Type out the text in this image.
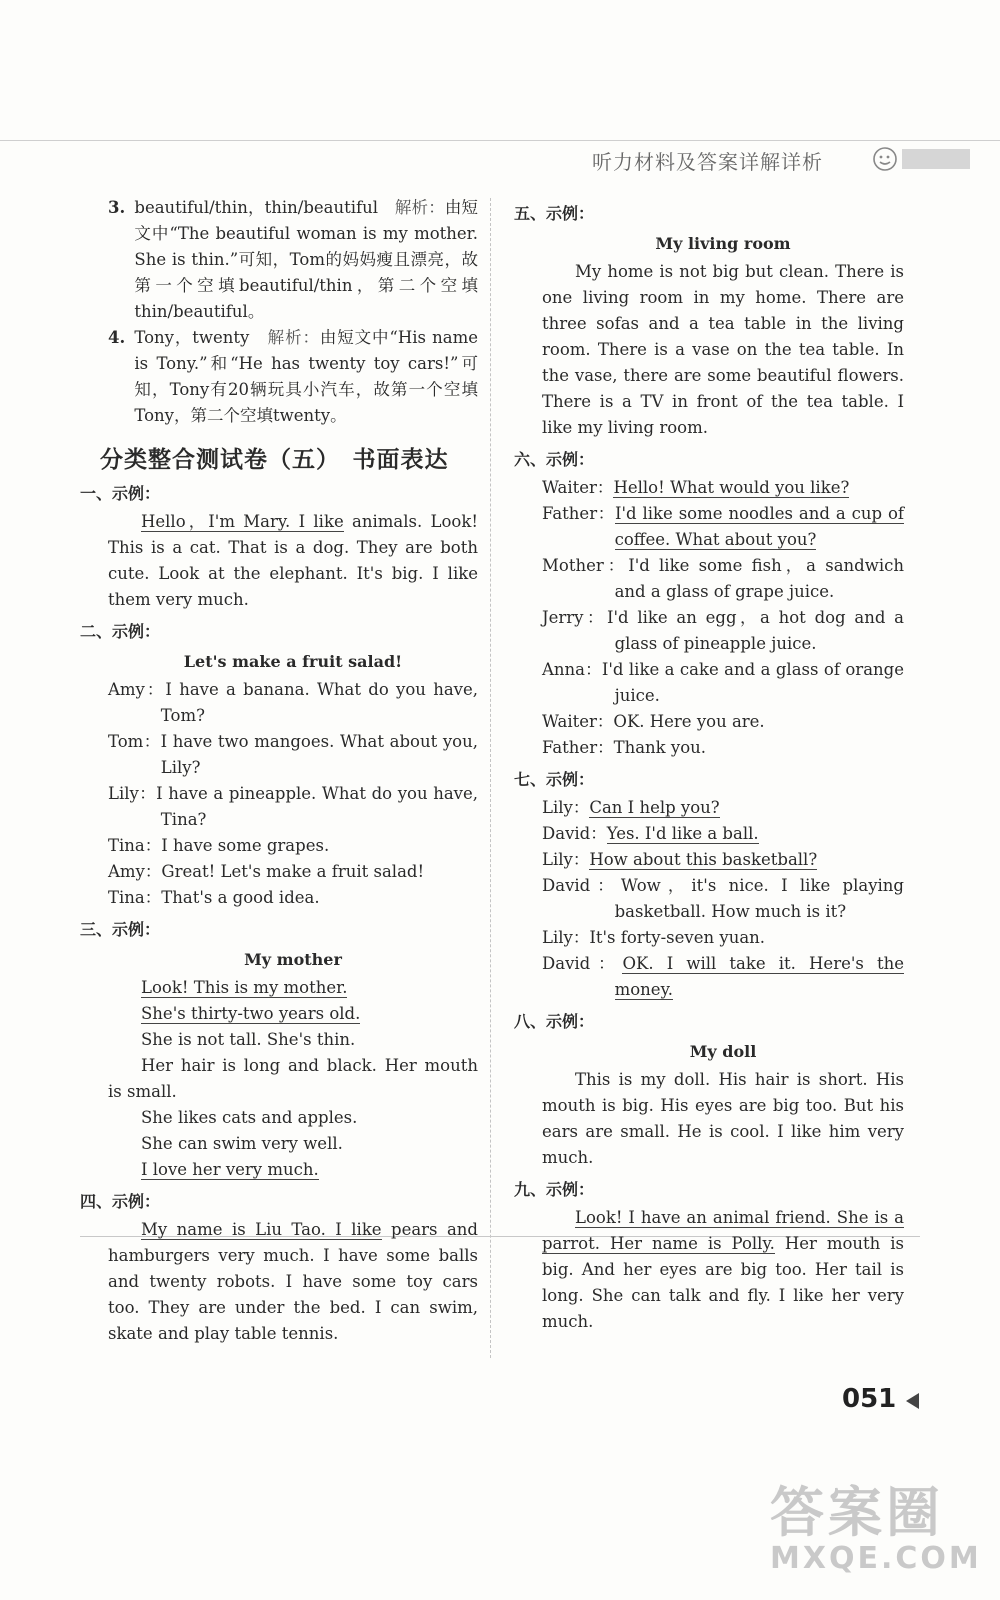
听力材料及答案详解详析
3. beautiful/thin，thin/beautiful　 解析：由短文中“The beautiful woman is my mother. She is thin.”可知，Tom的妈妈瘦且漂亮，故第一个空填beautiful/thin，第二个空填thin/beautiful。
4. Tony，twenty　 解析：由短文中“His name is Tony.”和“He has twenty toy cars!”可知，Tony有20辆玩具小汽车，故第一个空填Tony，第二个空填twenty。
分类整合测试卷（五）　书面表达
一、示例：

Hello，I'm Mary. I like animals. Look! This is a cat. That is a dog. They are both cute. Look at the elephant. It's big. I like them very much.

二、示例：
Let's make a fruit salad!

Amy：I have a banana. What do you have, Tom?

Tom：I have two mangoes. What about you, Lily?

Lily：I have a pineapple. What do you have, Tina?

Tina：I have some grapes.

Amy：Great! Let's make a fruit salad!

Tina：That's a good idea.

三、示例：
My mother

Look! This is my mother.

She's thirty-two years old.

She is not tall. She's thin.

Her hair is long and black. Her mouth is small.

She likes cats and apples.

She can swim very well.

I love her very much.

四、示例：

My name is Liu Tao. I like pears and hamburgers very much. I have some balls and twenty robots. I have some toy cars too. They are under the bed. I can swim, skate and play table tennis.

五、示例：
My living room

My home is not big but clean. There is one living room in my home. There are three sofas and a tea table in the living room. There is a vase on the tea table. In the vase, there are some beautiful flowers. There is a TV in front of the tea table. I like my living room.

六、示例：

Waiter：Hello! What would you like?

Father：I'd like some noodles and a cup of coffee. What about you?

Mother：I'd like some fish，a sandwich and a glass of grape juice.

Jerry：I'd like an egg，a hot dog and a glass of pineapple juice.

Anna：I'd like a cake and a glass of orange juice.

Waiter：OK. Here you are.

Father：Thank you.

七、示例：

Lily：Can I help you?

David：Yes. I'd like a ball.

Lily：How about this basketball?

David：Wow，it's nice. I like playing basketball. How much is it?

Lily：It's forty-seven yuan.

David：OK. I will take it. Here's the money.

八、示例：
My doll

This is my doll. His hair is short. His mouth is big. His eyes are big too. But his ears are small. He is cool. I like him very much.

九、示例：

Look! I have an animal friend. She is a parrot. Her name is Polly. Her mouth is big. And her eyes are big too. Her tail is long. She can talk and fly. I like her very much.

051
答案圈
MXQE.COM
